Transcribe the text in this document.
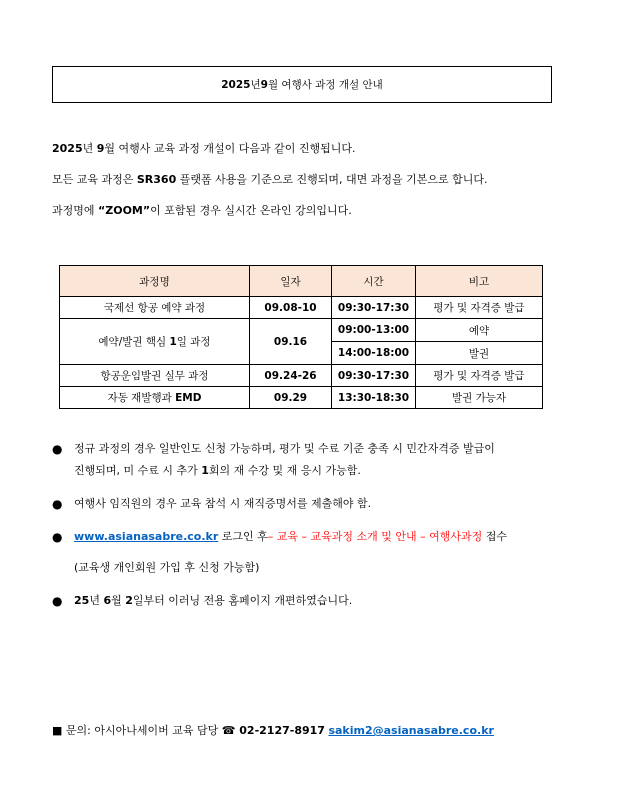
2025 년 9 월 여행사 과정 개설 안내
2025년 9월 여행사 교육 과정 개설이 다음과 같이 진행됩니다.
모든 교육 과정은 SR360 플랫폼 사용을 기준으로 진행되며, 대면 과정을 기본으로 합니다.
과정명에 “ZOOM”이 포함된 경우 실시간 온라인 강의입니다.
과정명	일자	시간	비고
국제선 항공 예약 과정	09.08-10	09:30-17:30	평가 및 자격증 발급
예약/발권 핵심 1일 과정	09.16	09:00-13:00	예약
		14:00-18:00	발권
항공운임발권 실무 과정	09.24-26	09:30-17:30	평가 및 자격증 발급
자동 재발행과 EMD	09.29	13:30-18:30	발권 가능자
● 정규 과정의 경우 일반인도 신청 가능하며, 평가 및 수료 기준 충족 시 민간자격증 발급이
진행되며, 미 수료 시 추가 1회의 재 수강 및 재 응시 가능함.
● 여행사 임직원의 경우 교육 참석 시 재직증명서를 제출해야 함.
● www.asianasabre.co.kr 로그인 후– 교육 – 교육과정 소개 및 안내 – 여행사과정 접수
(교육생 개인회원 가입 후 신청 가능함)
● 25년 6월 2일부터 이러닝 전용 홈페이지 개편하였습니다.
■ 문의: 아시아나세이버 교육 담당 ☎ 02-2127-8917 sakim2@asianasabre.co.kr
